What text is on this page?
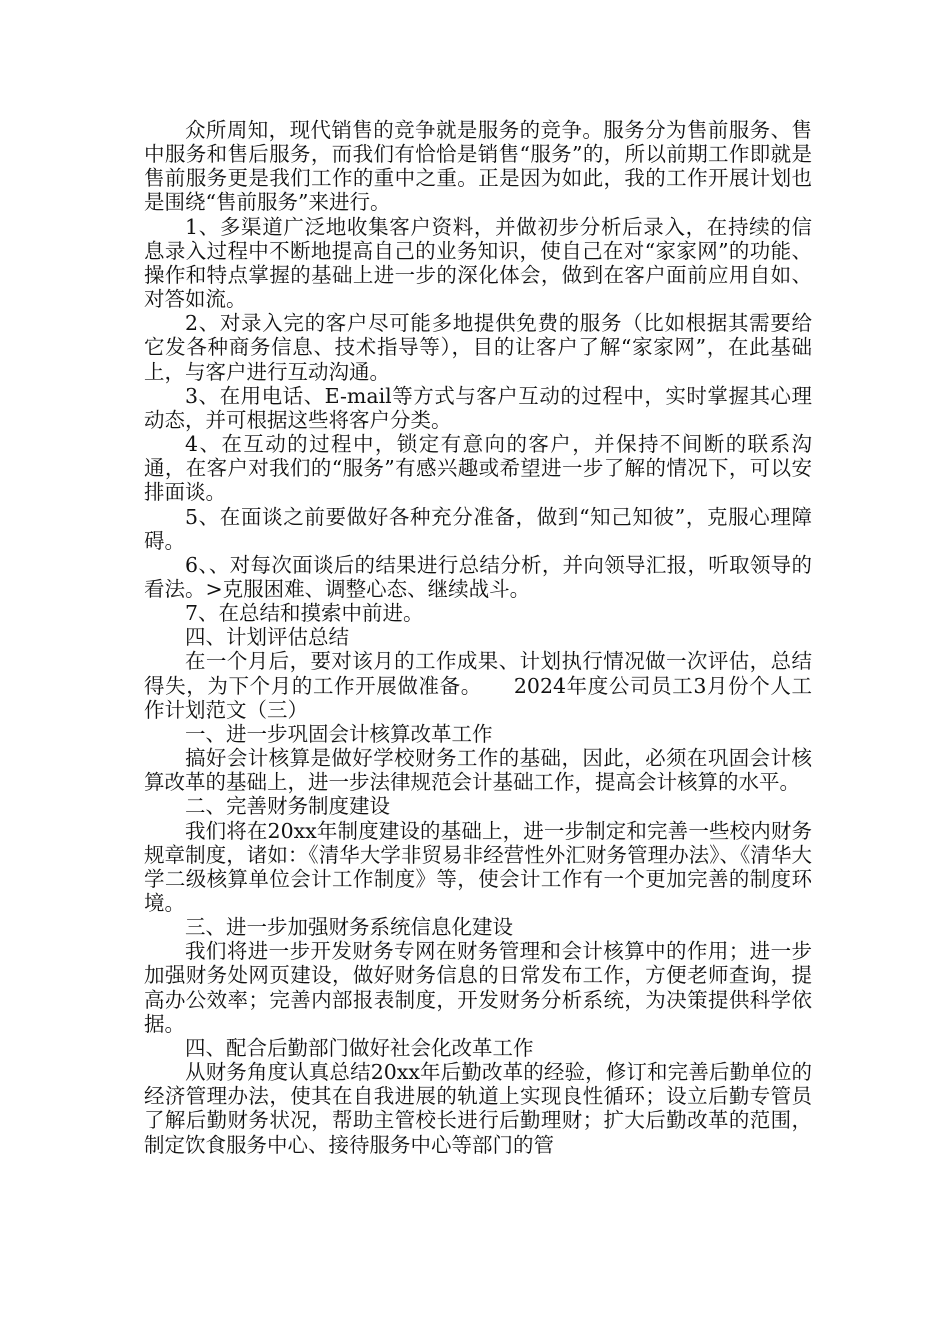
众所周知，现代销售的竞争就是服务的竞争。服务分为售前服务、售中服务和售后服务，而我们有恰恰是销售“服务”的，所以前期工作即就是售前服务更是我们工作的重中之重。正是因为如此，我的工作开展计划也是围绕“售前服务”来进行。

1、多渠道广泛地收集客户资料，并做初步分析后录入，在持续的信息录入过程中不断地提高自己的业务知识，使自己在对“家家网”的功能、操作和特点掌握的基础上进一步的深化体会，做到在客户面前应用自如、对答如流。

2、对录入完的客户尽可能多地提供免费的服务（比如根据其需要给它发各种商务信息、技术指导等），目的让客户了解“家家网”，在此基础上，与客户进行互动沟通。

3、在用电话、E-mail等方式与客户互动的过程中，实时掌握其心理动态，并可根据这些将客户分类。

4、在互动的过程中，锁定有意向的客户，并保持不间断的联系沟通，在客户对我们的“服务”有感兴趣或希望进一步了解的情况下，可以安排面谈。

5、在面谈之前要做好各种充分准备，做到“知己知彼”，克服心理障碍。

6、、对每次面谈后的结果进行总结分析，并向领导汇报，听取领导的看法。>克服困难、调整心态、继续战斗。

7、在总结和摸索中前进。

四、计划评估总结

在一个月后，要对该月的工作成果、计划执行情况做一次评估，总结得失，为下个月的工作开展做准备。　　2024年度公司员工3月份个人工作计划范文（三）

一、进一步巩固会计核算改革工作

搞好会计核算是做好学校财务工作的基础，因此，必须在巩固会计核算改革的基础上，进一步法律规范会计基础工作，提高会计核算的水平。

二、完善财务制度建设

我们将在20xx年制度建设的基础上，进一步制定和完善一些校内财务规章制度，诸如：《清华大学非贸易非经营性外汇财务管理办法》、《清华大学二级核算单位会计工作制度》等，使会计工作有一个更加完善的制度环境。

三、进一步加强财务系统信息化建设

我们将进一步开发财务专网在财务管理和会计核算中的作用；进一步加强财务处网页建设，做好财务信息的日常发布工作，方便老师查询，提高办公效率；完善内部报表制度，开发财务分析系统，为决策提供科学依据。

四、配合后勤部门做好社会化改革工作

从财务角度认真总结20xx年后勤改革的经验，修订和完善后勤单位的经济管理办法，使其在自我进展的轨道上实现良性循环；设立后勤专管员了解后勤财务状况，帮助主管校长进行后勤理财；扩大后勤改革的范围，制定饮食服务中心、接待服务中心等部门的管
